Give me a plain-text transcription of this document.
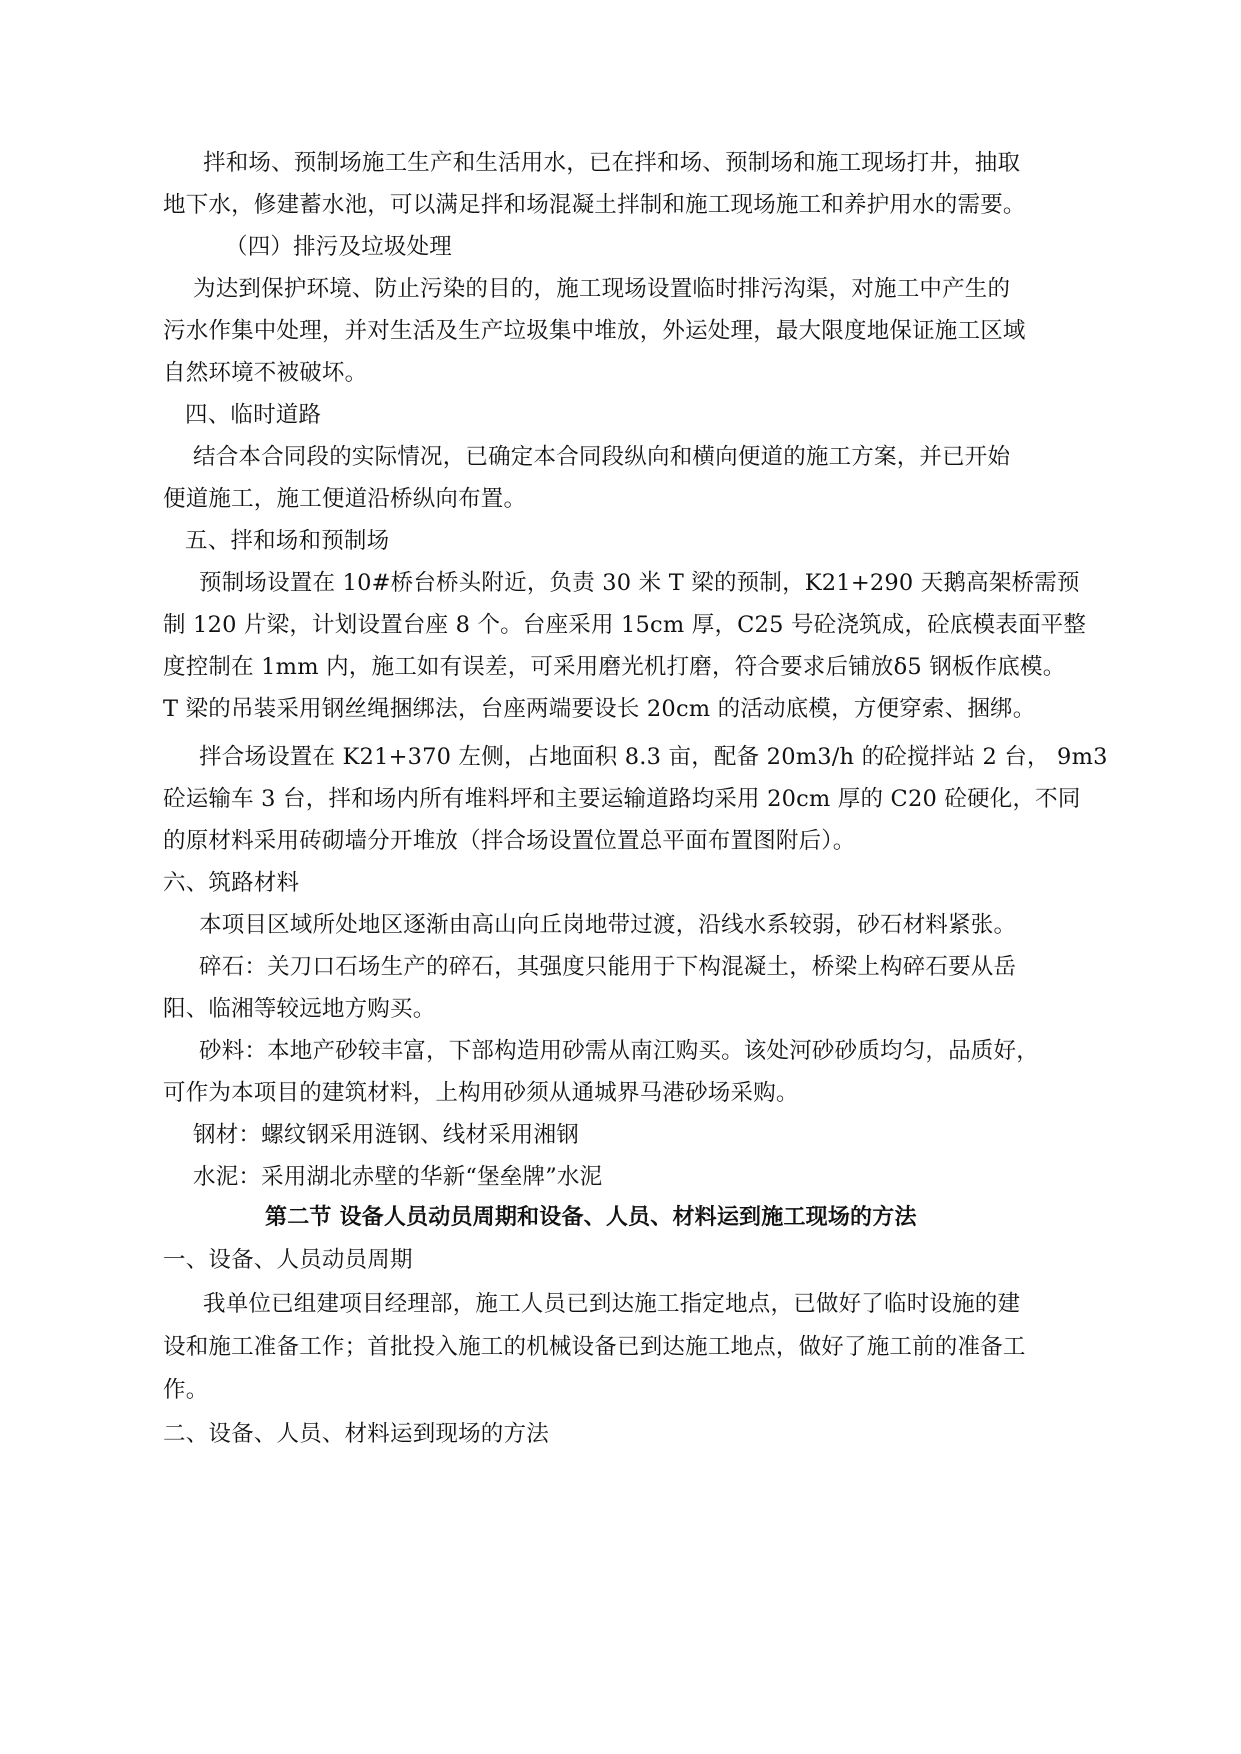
拌和场、预制场施工生产和生活用水，已在拌和场、预制场和施工现场打井，抽取
地下水，修建蓄水池，可以满足拌和场混凝土拌制和施工现场施工和养护用水的需要。
（四）排污及垃圾处理
为达到保护环境、防止污染的目的，施工现场设置临时排污沟渠，对施工中产生的
污水作集中处理，并对生活及生产垃圾集中堆放，外运处理，最大限度地保证施工区域
自然环境不被破坏。
四、临时道路
结合本合同段的实际情况，已确定本合同段纵向和横向便道的施工方案，并已开始
便道施工，施工便道沿桥纵向布置。
五、拌和场和预制场
预制场设置在 10#桥台桥头附近，负责 30 米 T 梁的预制，K21+290 天鹅高架桥需预
制 120 片梁，计划设置台座 8 个。台座采用 15cm 厚，C25 号砼浇筑成，砼底模表面平整
度控制在 1mm 内，施工如有误差，可采用磨光机打磨，符合要求后铺放δ5 钢板作底模。
T 梁的吊装采用钢丝绳捆绑法，台座两端要设长 20cm 的活动底模，方便穿索、捆绑。
拌合场设置在 K21+370 左侧，占地面积 8.3 亩，配备 20m3/h 的砼搅拌站 2 台， 9m3
砼运输车 3 台，拌和场内所有堆料坪和主要运输道路均采用 20cm 厚的 C20 砼硬化，不同
的原材料采用砖砌墙分开堆放（拌合场设置位置总平面布置图附后）。
六、筑路材料
本项目区域所处地区逐渐由高山向丘岗地带过渡，沿线水系较弱，砂石材料紧张。
碎石：关刀口石场生产的碎石，其强度只能用于下构混凝土，桥梁上构碎石要从岳
阳、临湘等较远地方购买。
砂料：本地产砂较丰富，下部构造用砂需从南江购买。该处河砂砂质均匀，品质好，
可作为本项目的建筑材料，上构用砂须从通城界马港砂场采购。
钢材：螺纹钢采用涟钢、线材采用湘钢
水泥：采用湖北赤壁的华新“堡垒牌”水泥
第二节 设备人员动员周期和设备、人员、材料运到施工现场的方法
一、设备、人员动员周期
我单位已组建项目经理部，施工人员已到达施工指定地点，已做好了临时设施的建
设和施工准备工作；首批投入施工的机械设备已到达施工地点，做好了施工前的准备工
作。
二、设备、人员、材料运到现场的方法
